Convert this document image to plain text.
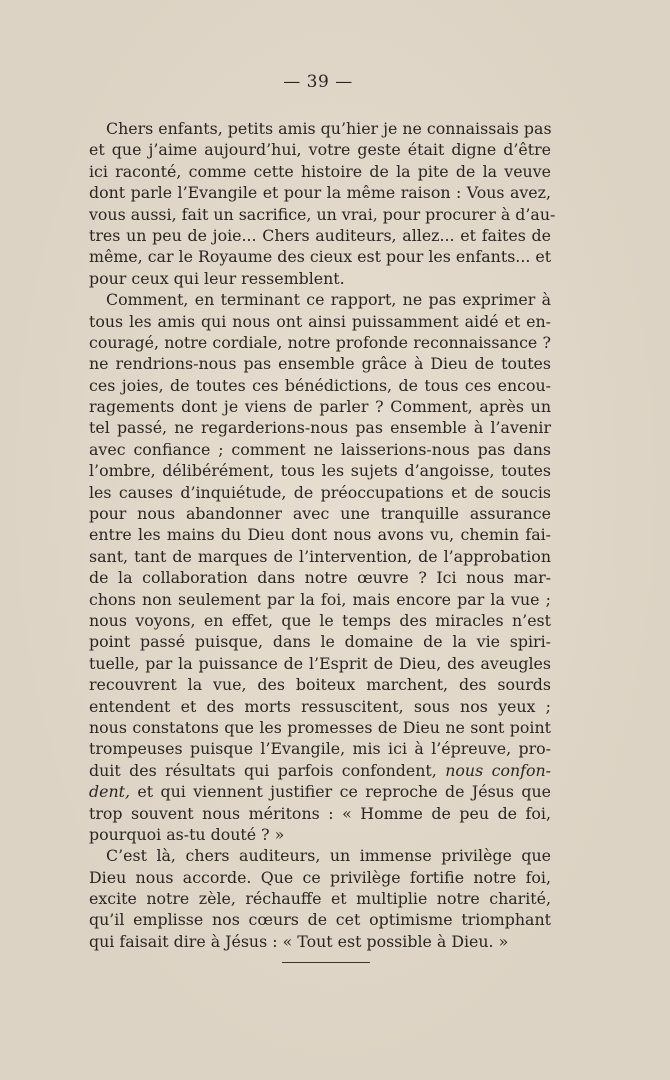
— 39 —
Chers enfants, petits amis qu’hier je ne connaissais pas
et que j’aime aujourd’hui, votre geste était digne d’être
ici raconté, comme cette histoire de la pite de la veuve
dont parle l’Evangile et pour la même raison : Vous avez,
vous aussi, fait un sacrifice, un vrai, pour procurer à d’au-
tres un peu de joie... Chers auditeurs, allez... et faites de
même, car le Royaume des cieux est pour les enfants... et
pour ceux qui leur ressemblent.
Comment, en terminant ce rapport, ne pas exprimer à
tous les amis qui nous ont ainsi puissamment aidé et en-
couragé, notre cordiale, notre profonde reconnaissance ?
ne rendrions-nous pas ensemble grâce à Dieu de toutes
ces joies, de toutes ces bénédictions, de tous ces encou-
ragements dont je viens de parler ? Comment, après un
tel passé, ne regarderions-nous pas ensemble à l’avenir
avec confiance ; comment ne laisserions-nous pas dans
l’ombre, délibérément, tous les sujets d’angoisse, toutes
les causes d’inquiétude, de préoccupations et de soucis
pour nous abandonner avec une tranquille assurance
entre les mains du Dieu dont nous avons vu, chemin fai-
sant, tant de marques de l’intervention, de l’approbation
de la collaboration dans notre œuvre ? Ici nous mar-
chons non seulement par la foi, mais encore par la vue ;
nous voyons, en effet, que le temps des miracles n’est
point passé puisque, dans le domaine de la vie spiri-
tuelle, par la puissance de l’Esprit de Dieu, des aveugles
recouvrent la vue, des boiteux marchent, des sourds
entendent et des morts ressuscitent, sous nos yeux ;
nous constatons que les promesses de Dieu ne sont point
trompeuses puisque l’Evangile, mis ici à l’épreuve, pro-
duit des résultats qui parfois confondent, nous confon-
dent, et qui viennent justifier ce reproche de Jésus que
trop souvent nous méritons : « Homme de peu de foi,
pourquoi as-tu douté ? »
C’est là, chers auditeurs, un immense privilège que
Dieu nous accorde. Que ce privilège fortifie notre foi,
excite notre zèle, réchauffe et multiplie notre charité,
qu’il emplisse nos cœurs de cet optimisme triomphant
qui faisait dire à Jésus : « Tout est possible à Dieu. »
